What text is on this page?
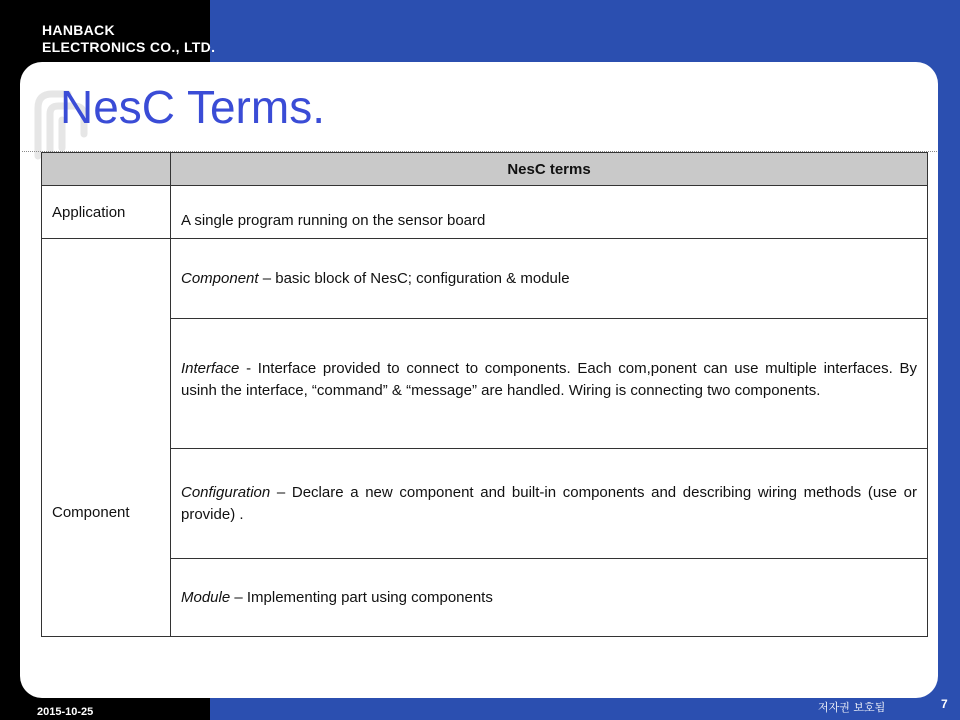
HANBACK
ELECTRONICS CO., LTD.
NesC Terms.
	NesC terms

Application	A single program running on the sensor board

Component	Component – basic block of NesC; configuration & module
	Interface - Interface provided to connect to components. Each com,ponent can use multiple interfaces. By usinh the interface, “command” & “message” are handled. Wiring is connecting two components.
	Configuration – Declare a new component and built-in components and describing wiring methods (use or provide) .
	Module – Implementing part using components
2015-10-25	저자권 보호됨	7
